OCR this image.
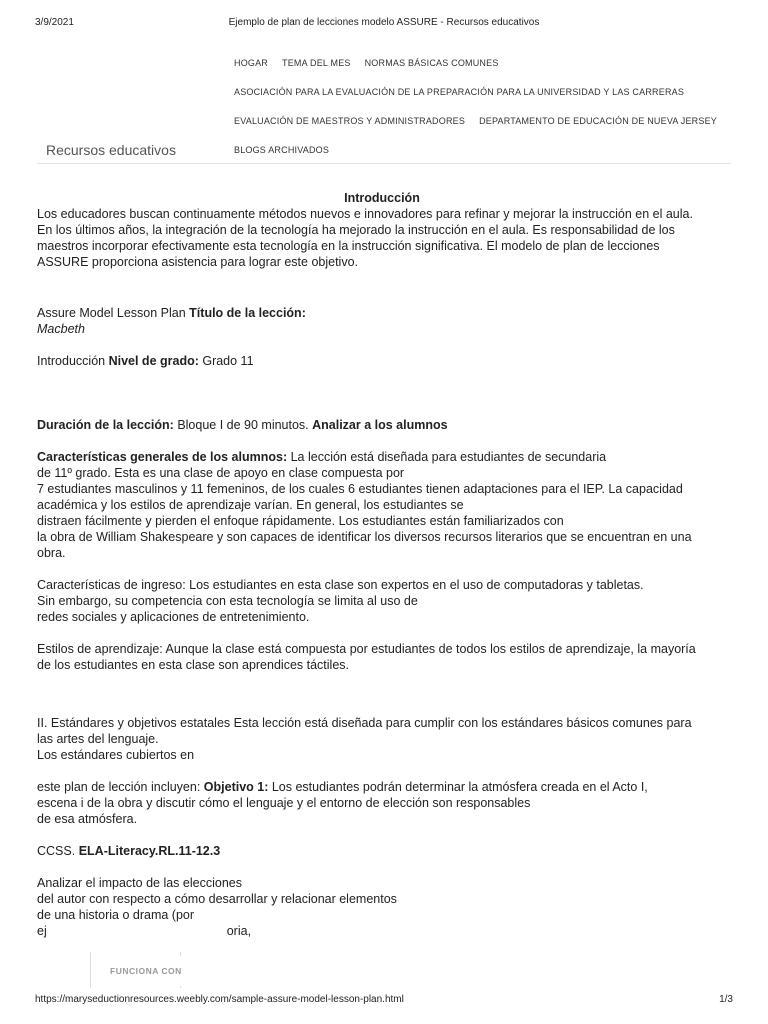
3/9/2021	Ejemplo de plan de lecciones modelo ASSURE - Recursos educativos
HOGAR TEMA DEL MES NORMAS BÁSICAS COMUNES
ASOCIACIÓN PARA LA EVALUACIÓN DE LA PREPARACIÓN PARA LA UNIVERSIDAD Y LAS CARRERAS
EVALUACIÓN DE MAESTROS Y ADMINISTRADORES DEPARTAMENTO DE EDUCACIÓN DE NUEVA JERSEY
BLOGS ARCHIVADOS
Recursos educativos

Introducción

Los educadores buscan continuamente métodos nuevos e innovadores para refinar y mejorar la instrucción en el aula.
En los últimos años, la integración de la tecnología ha mejorado la instrucción en el aula. Es responsabilidad de los
maestros incorporar efectivamente esta tecnología en la instrucción significativa. El modelo de plan de lecciones
ASSURE proporciona asistencia para lograr este objetivo.

Assure Model Lesson Plan Título de la lección:
Macbeth

Introducción Nivel de grado: Grado 11

Duración de la lección: Bloque I de 90 minutos. Analizar a los alumnos

Características generales de los alumnos: La lección está diseñada para estudiantes de secundaria
de 11º grado. Esta es una clase de apoyo en clase compuesta por
7 estudiantes masculinos y 11 femeninos, de los cuales 6 estudiantes tienen adaptaciones para el IEP. La capacidad
académica y los estilos de aprendizaje varían. En general, los estudiantes se
distraen fácilmente y pierden el enfoque rápidamente. Los estudiantes están familiarizados con
la obra de William Shakespeare y son capaces de identificar los diversos recursos literarios que se encuentran en una
obra.

Características de ingreso: Los estudiantes en esta clase son expertos en el uso de computadoras y tabletas.
Sin embargo, su competencia con esta tecnología se limita al uso de
redes sociales y aplicaciones de entretenimiento.

Estilos de aprendizaje: Aunque la clase está compuesta por estudiantes de todos los estilos de aprendizaje, la mayoría
de los estudiantes en esta clase son aprendices táctiles.

II. Estándares y objetivos estatales Esta lección está diseñada para cumplir con los estándares básicos comunes para
las artes del lenguaje.
Los estándares cubiertos en

este plan de lección incluyen: Objetivo 1: Los estudiantes podrán determinar la atmósfera creada en el Acto I,
escena i de la obra y discutir cómo el lenguaje y el entorno de elección son responsables
de esa atmósfera.

CCSS. ELA-Literacy.RL.11-12.3

Analizar el impacto de las elecciones
del autor con respecto a cómo desarrollar y relacionar elementos
de una historia o drama (por
ej	oria,

FUNCIONA CON
https://maryseductionresources.weebly.com/sample-assure-model-lesson-plan.html	1/3
